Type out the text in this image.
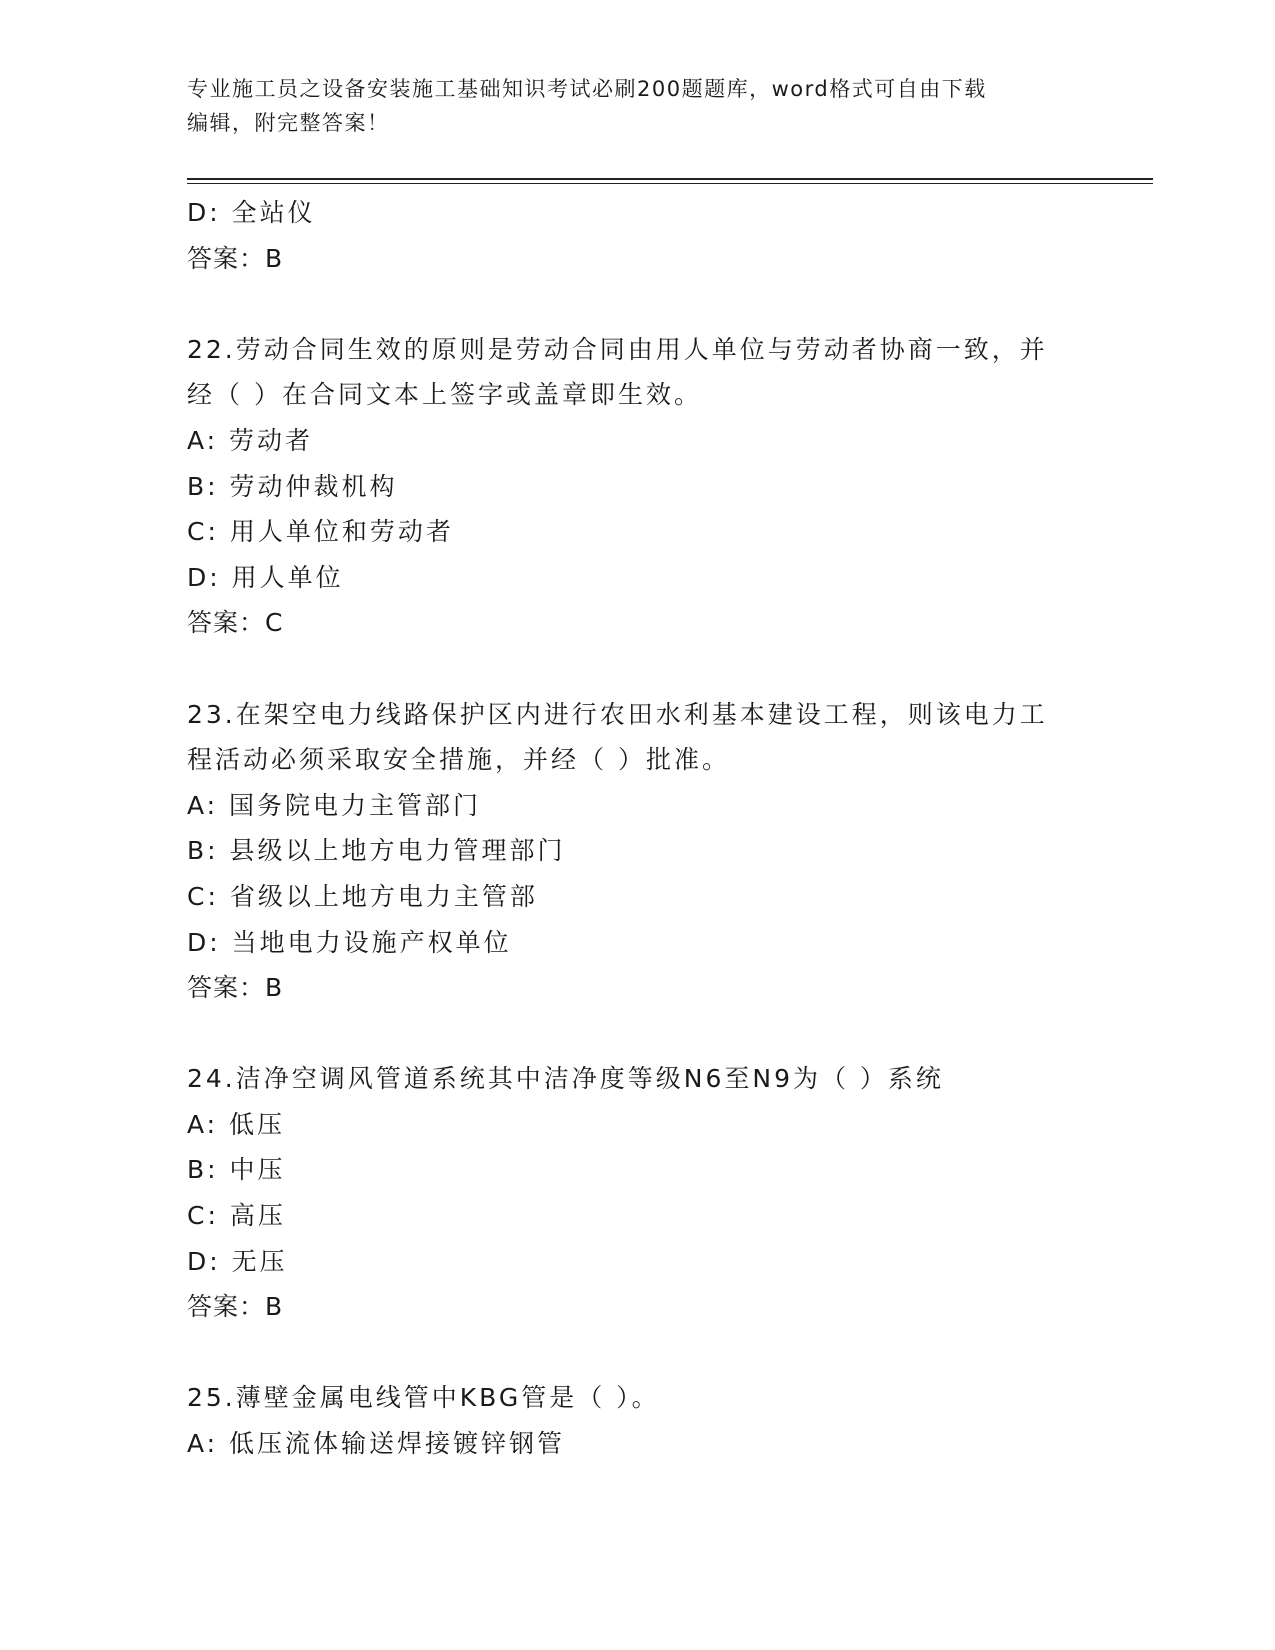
专业施工员之设备安装施工基础知识考试必刷200题题库，word格式可自由下载
编辑，附完整答案！
D: 全站仪
答案：B
22.劳动合同生效的原则是劳动合同由用人单位与劳动者协商一致，并
经（ ）在合同文本上签字或盖章即生效。
A: 劳动者
B: 劳动仲裁机构
C: 用人单位和劳动者
D: 用人单位
答案：C
23.在架空电力线路保护区内进行农田水利基本建设工程，则该电力工
程活动必须采取安全措施，并经（ ）批准。
A: 国务院电力主管部门
B: 县级以上地方电力管理部门
C: 省级以上地方电力主管部
D: 当地电力设施产权单位
答案：B
24.洁净空调风管道系统其中洁净度等级N6至N9为（ ）系统
A: 低压
B: 中压
C: 高压
D: 无压
答案：B
25.薄壁金属电线管中KBG管是（ ）。
A: 低压流体输送焊接镀锌钢管
